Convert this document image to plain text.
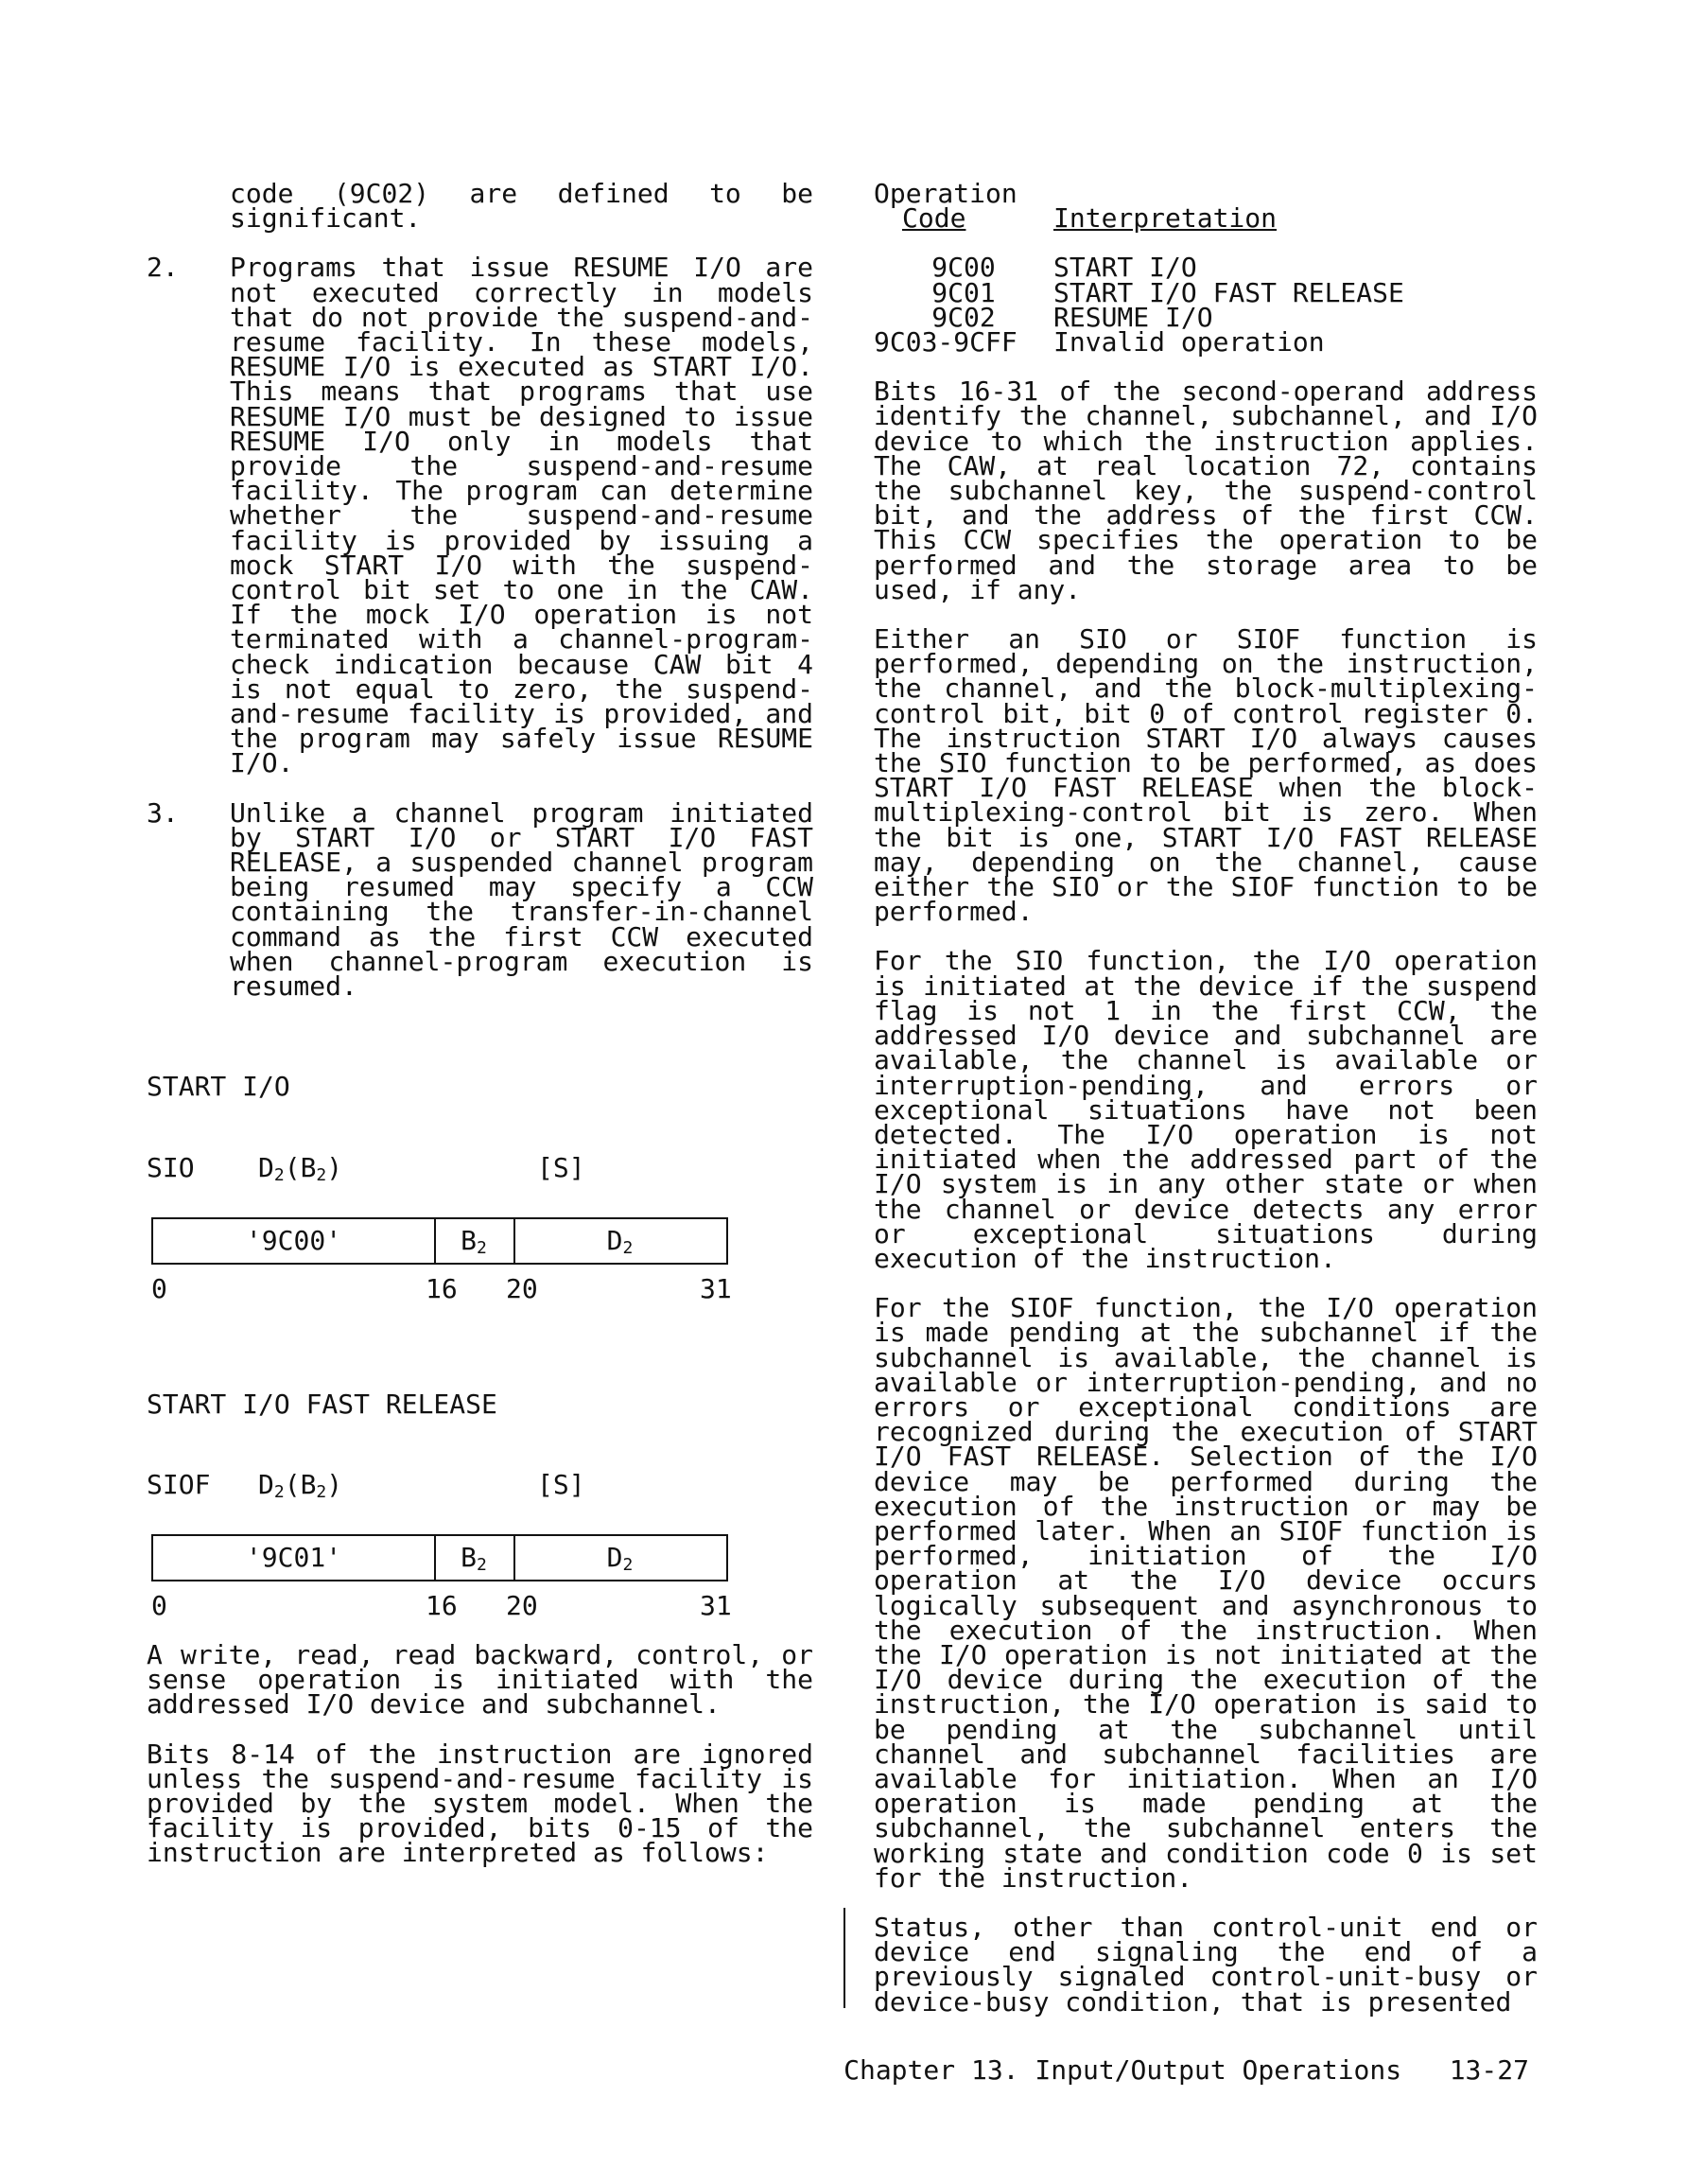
code (9C02) are defined to be significant.

2.	Programs that issue RESUME I/O are not executed correctly in models that do not provide the suspend-and-resume facility. In these models, RESUME I/O is executed as START I/O. This means that programs that use RESUME I/O must be designed to issue RESUME I/O only in models that provide the suspend-and-resume facility. The program can determine whether the suspend-and-resume facility is provided by issuing a mock START I/O with the suspend-control bit set to one in the CAW. If the mock I/O operation is not terminated with a channel-program-check indication because CAW bit 4 is not equal to zero, the suspend-and-resume facility is provided, and the program may safely issue RESUME I/O.
3.	Unlike a channel program initiated by START I/O or START I/O FAST RELEASE, a suspended channel program being resumed may specify a CCW containing the transfer-in-channel command as the first CCW executed when channel-program execution is resumed.
START I/O
SIO $D_2(B_2)$	[S]
'9C00'	$B_2$	$D_2$
0	16 20	31
START I/O FAST RELEASE
SIOF $D_2(B_2)$	[S]
'9C01'	$B_2$	$D_2$
0	16 20	31

A write, read, read backward, control, or sense operation is initiated with the addressed I/O device and subchannel.

Bits 8-14 of the instruction are ignored unless the suspend-and-resume facility is provided by the system model. When the facility is provided, bits 0-15 of the instruction are interpreted as follows:

Operation
Code	Interpretation
9C00	START I/O
9C01	START I/O FAST RELEASE
9C02	RESUME I/O
9C03-9CFF	Invalid operation

Bits 16-31 of the second-operand address identify the channel, subchannel, and I/O device to which the instruction applies. The CAW, at real location 72, contains the subchannel key, the suspend-control bit, and the address of the first CCW. This CCW specifies the operation to be performed and the storage area to be used, if any.

Either an SIO or SIOF function is performed, depending on the instruction, the channel, and the block-multiplexing-control bit, bit 0 of control register 0. The instruction START I/O always causes the SIO function to be performed, as does START I/O FAST RELEASE when the block-multiplexing-control bit is zero. When the bit is one, START I/O FAST RELEASE may, depending on the channel, cause either the SIO or the SIOF function to be performed.

For the SIO function, the I/O operation is initiated at the device if the suspend flag is not 1 in the first CCW, the addressed I/O device and subchannel are available, the channel is available or interruption-pending, and errors or exceptional situations have not been detected. The I/O operation is not initiated when the addressed part of the I/O system is in any other state or when the channel or device detects any error or exceptional situations during execution of the instruction.

For the SIOF function, the I/O operation is made pending at the subchannel if the subchannel is available, the channel is available or interruption-pending, and no errors or exceptional conditions are recognized during the execution of START I/O FAST RELEASE. Selection of the I/O device may be performed during the execution of the instruction or may be performed later. When an SIOF function is performed, initiation of the I/O operation at the I/O device occurs logically subsequent and asynchronous to the execution of the instruction. When the I/O operation is not initiated at the I/O device during the execution of the instruction, the I/O operation is said to be pending at the subchannel until channel and subchannel facilities are available for initiation. When an I/O operation is made pending at the subchannel, the subchannel enters the working state and condition code 0 is set for the instruction.

Status, other than control-unit end or device end signaling the end of a previously signaled control-unit-busy or device-busy condition, that is presented

Chapter 13. Input/Output Operations 13-27
